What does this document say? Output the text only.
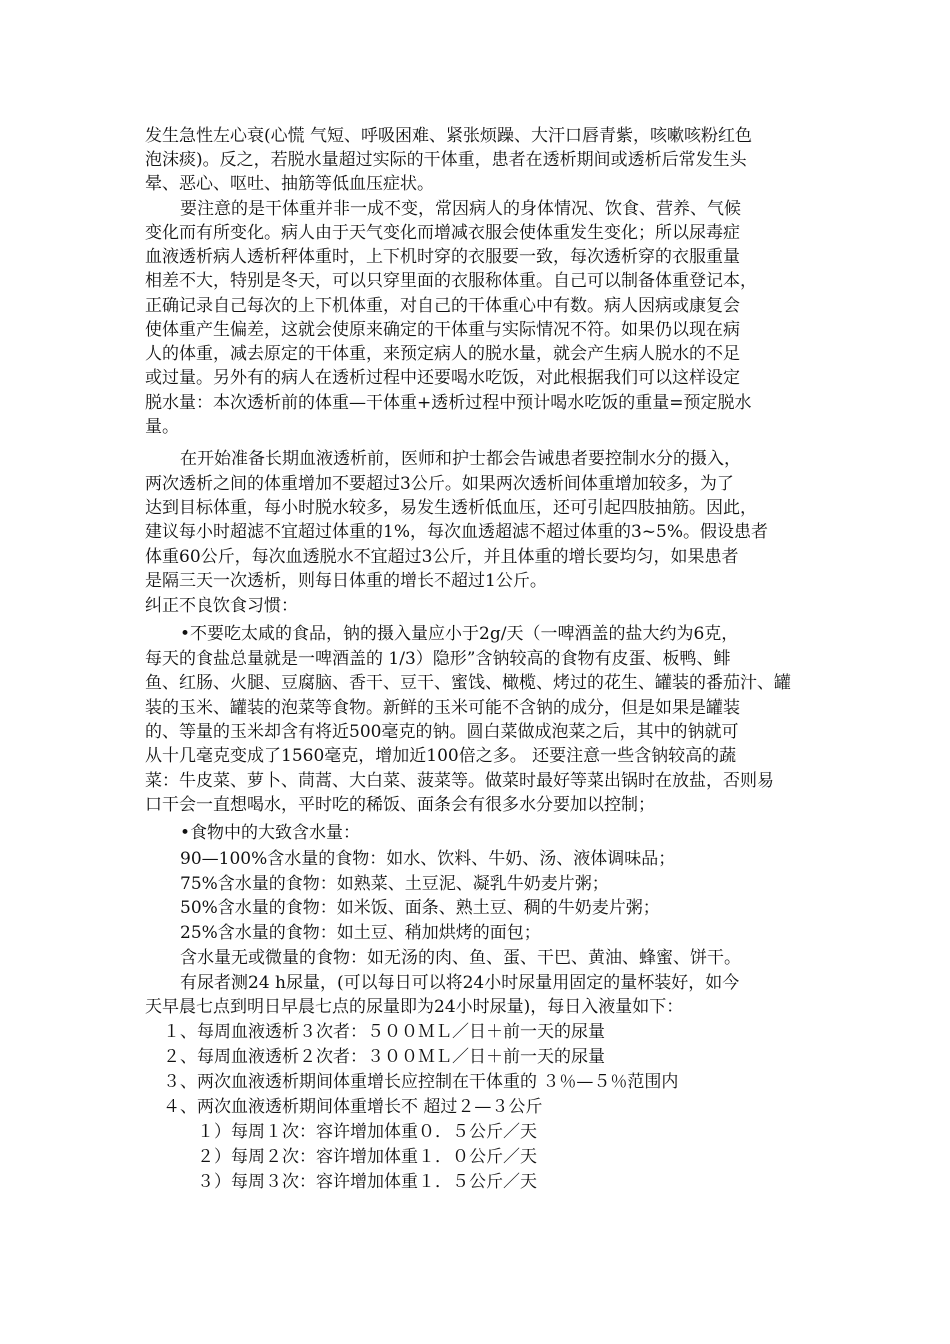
发生急性左心衰(心慌 气短、呼吸困难、紧张烦躁、大汗口唇青紫，咳嗽咳粉红色
泡沫痰)。反之，若脱水量超过实际的干体重，患者在透析期间或透析后常发生头
晕、恶心、呕吐、抽筋等低血压症状。
要注意的是干体重并非一成不变，常因病人的身体情况、饮食、营养、气候
变化而有所变化。病人由于天气变化而增减衣服会使体重发生变化；所以尿毒症
血液透析病人透析秤体重时，上下机时穿的衣服要一致，每次透析穿的衣服重量
相差不大，特别是冬天，可以只穿里面的衣服称体重。自己可以制备体重登记本，
正确记录自己每次的上下机体重，对自己的干体重心中有数。病人因病或康复会
使体重产生偏差，这就会使原来确定的干体重与实际情况不符。如果仍以现在病
人的体重，减去原定的干体重，来预定病人的脱水量，就会产生病人脱水的不足
或过量。另外有的病人在透析过程中还要喝水吃饭，对此根据我们可以这样设定
脱水量：本次透析前的体重—干体重+透析过程中预计喝水吃饭的重量=预定脱水
量。
在开始准备长期血液透析前，医师和护士都会告诫患者要控制水分的摄入，
两次透析之间的体重增加不要超过3公斤。如果两次透析间体重增加较多，为了
达到目标体重，每小时脱水较多，易发生透析低血压，还可引起四肢抽筋。因此，
建议每小时超滤不宜超过体重的1%，每次血透超滤不超过体重的3~5%。假设患者
体重60公斤，每次血透脱水不宜超过3公斤，并且体重的增长要均匀，如果患者
是隔三天一次透析，则每日体重的增长不超过1公斤。
纠正不良饮食习惯：
•不要吃太咸的食品，钠的摄入量应小于2g/天（一啤酒盖的盐大约为6克，
每天的食盐总量就是一啤酒盖的 1/3）隐形”含钠较高的食物有皮蛋、板鸭、鲱
鱼、红肠、火腿、豆腐脑、香干、豆干、蜜饯、橄榄、烤过的花生、罐装的番茄汁、罐
装的玉米、罐装的泡菜等食物。新鲜的玉米可能不含钠的成分，但是如果是罐装
的、等量的玉米却含有将近500毫克的钠。圆白菜做成泡菜之后，其中的钠就可
从十几毫克变成了1560毫克，增加近100倍之多。 还要注意一些含钠较高的蔬
菜：牛皮菜、萝卜、茼蒿、大白菜、菠菜等。做菜时最好等菜出锅时在放盐，否则易
口干会一直想喝水，平时吃的稀饭、面条会有很多水分要加以控制；
•食物中的大致含水量：
90—100%含水量的食物：如水、饮料、牛奶、汤、液体调味品；
75%含水量的食物：如熟菜、土豆泥、凝乳牛奶麦片粥；
50%含水量的食物：如米饭、面条、熟土豆、稠的牛奶麦片粥；
25%含水量的食物：如土豆、稍加烘烤的面包；
含水量无或微量的食物：如无汤的肉、鱼、蛋、干巴、黄油、蜂蜜、饼干。
有尿者测24 h尿量，(可以每日可以将24小时尿量用固定的量杯装好，如今
天早晨七点到明日早晨七点的尿量即为24小时尿量)，每日入液量如下：
１、每周血液透析３次者：５００ＭＬ／日＋前一天的尿量
２、每周血液透析２次者：３００ＭＬ／日＋前一天的尿量
３、两次血液透析期间体重增长应控制在干体重的 ３％—５％范围内
４、两次血液透析期间体重增长不 超过２—３公斤
１）每周１次：容许增加体重０．５公斤／天
２）每周２次：容许增加体重１．０公斤／天
３）每周３次：容许增加体重１．５公斤／天
